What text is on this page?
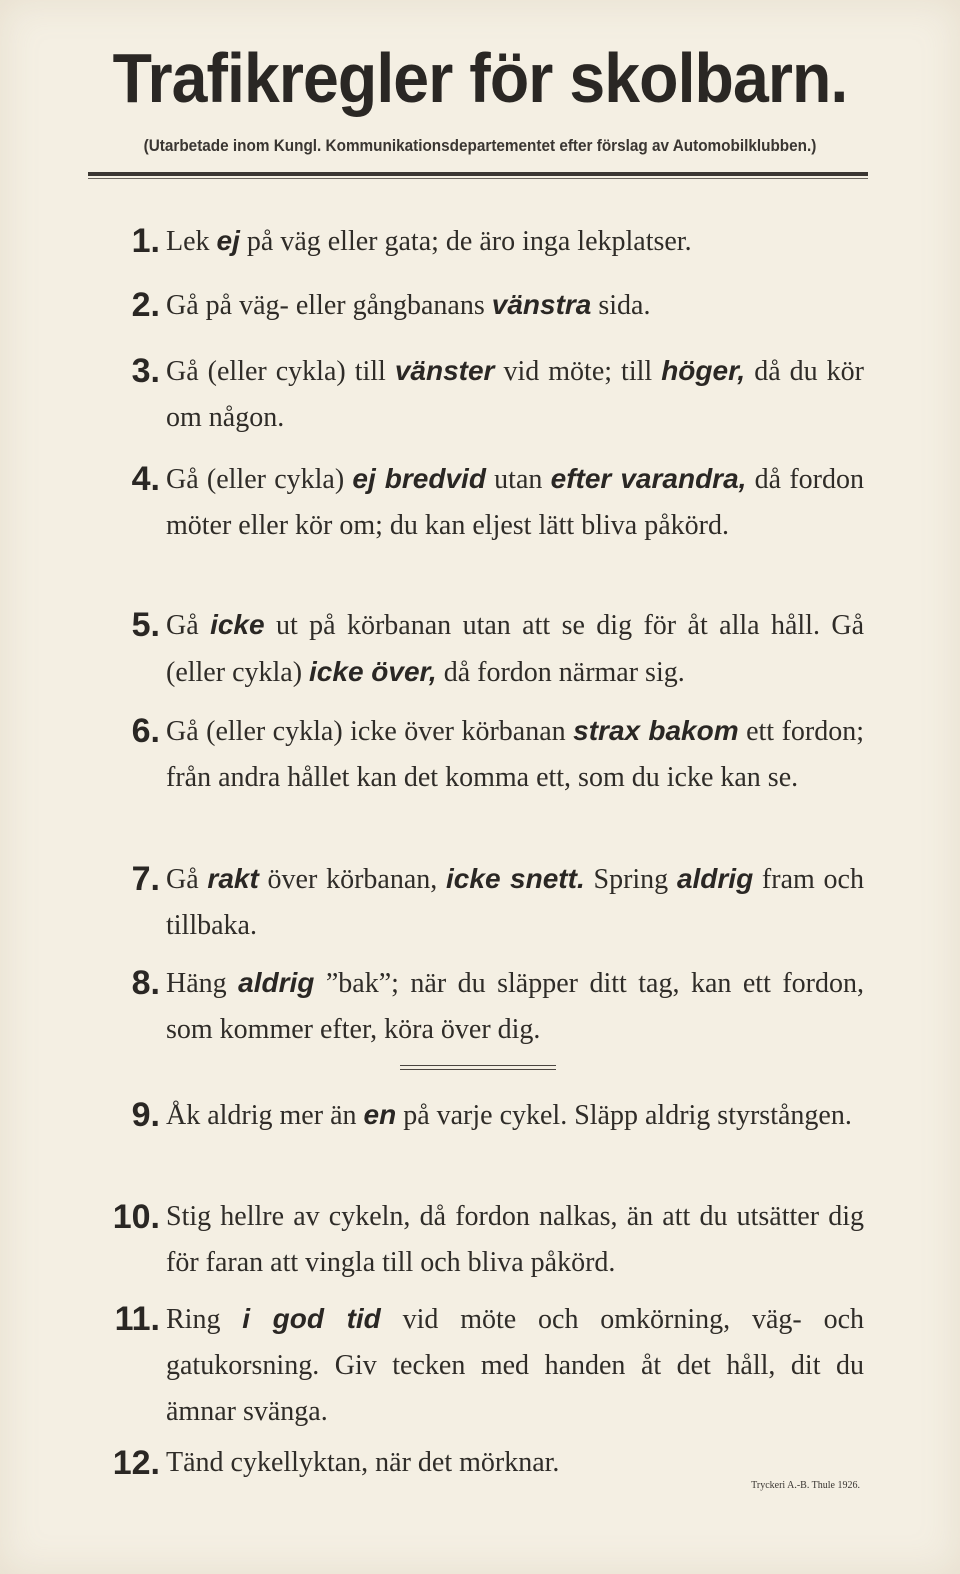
Trafikregler för skolbarn.
(Utarbetade inom Kungl. Kommunikationsdepartementet efter förslag av Automobilklubben.)
1. Lek ej på väg eller gata; de äro inga lekplatser.
2. Gå på väg- eller gångbanans vänstra sida.
3. Gå (eller cykla) till vänster vid möte; till höger, då du kör om någon.
4. Gå (eller cykla) ej bredvid utan efter varandra, då fordon möter eller kör om; du kan eljest lätt bliva påkörd.
5. Gå icke ut på körbanan utan att se dig för åt alla håll. Gå (eller cykla) icke över, då fordon närmar sig.
6. Gå (eller cykla) icke över körbanan strax bakom ett fordon; från andra hållet kan det komma ett, som du icke kan se.
7. Gå rakt över körbanan, icke snett. Spring aldrig fram och tillbaka.
8. Häng aldrig ”bak”; när du släpper ditt tag, kan ett fordon, som kommer efter, köra över dig.
9. Åk aldrig mer än en på varje cykel. Släpp aldrig styrstången.
10. Stig hellre av cykeln, då fordon nalkas, än att du utsätter dig för faran att vingla till och bliva påkörd.
11. Ring i god tid vid möte och omkörning, väg- och gatukorsning. Giv tecken med handen åt det håll, dit du ämnar svänga.
12. Tänd cykellyktan, när det mörknar.
Tryckeri A.-B. Thule 1926.
